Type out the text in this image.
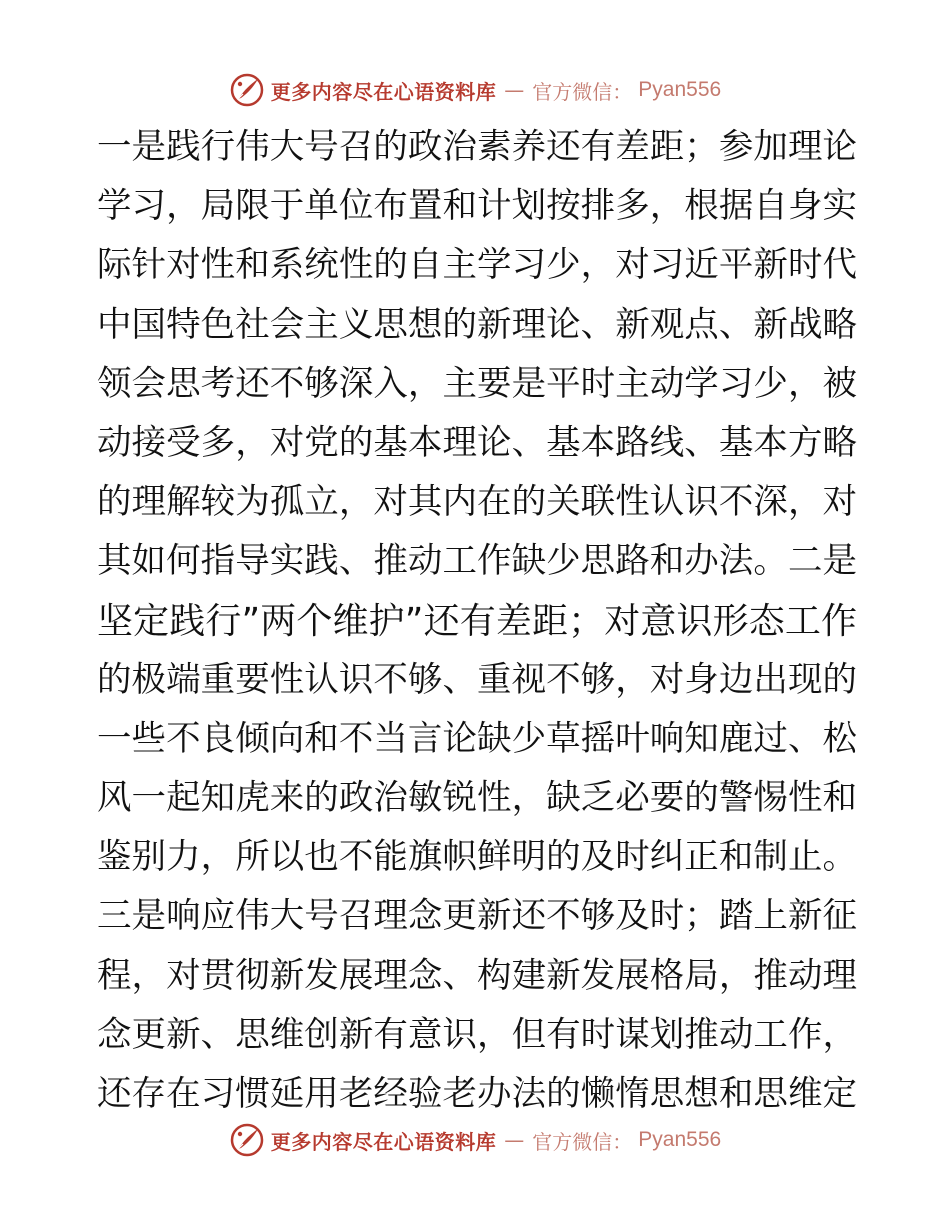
更多内容尽在心语资料库 — 官方微信： Pyan556
一是践行伟大号召的政治素养还有差距；参加理论
学习，局限于单位布置和计划按排多，根据自身实
际针对性和系统性的自主学习少，对习近平新时代
中国特色社会主义思想的新理论、新观点、新战略
领会思考还不够深入，主要是平时主动学习少，被
动接受多，对党的基本理论、基本路线、基本方略
的理解较为孤立，对其内在的关联性认识不深，对
其如何指导实践、推动工作缺少思路和办法。二是
坚定践行”两个维护”还有差距；对意识形态工作
的极端重要性认识不够、重视不够，对身边出现的
一些不良倾向和不当言论缺少草摇叶响知鹿过、松
风一起知虎来的政治敏锐性，缺乏必要的警惕性和
鉴别力，所以也不能旗帜鲜明的及时纠正和制止。
三是响应伟大号召理念更新还不够及时；踏上新征
程，对贯彻新发展理念、构建新发展格局，推动理
念更新、思维创新有意识，但有时谋划推动工作，
还存在习惯延用老经验老办法的懒惰思想和思维定
更多内容尽在心语资料库 — 官方微信： Pyan556
